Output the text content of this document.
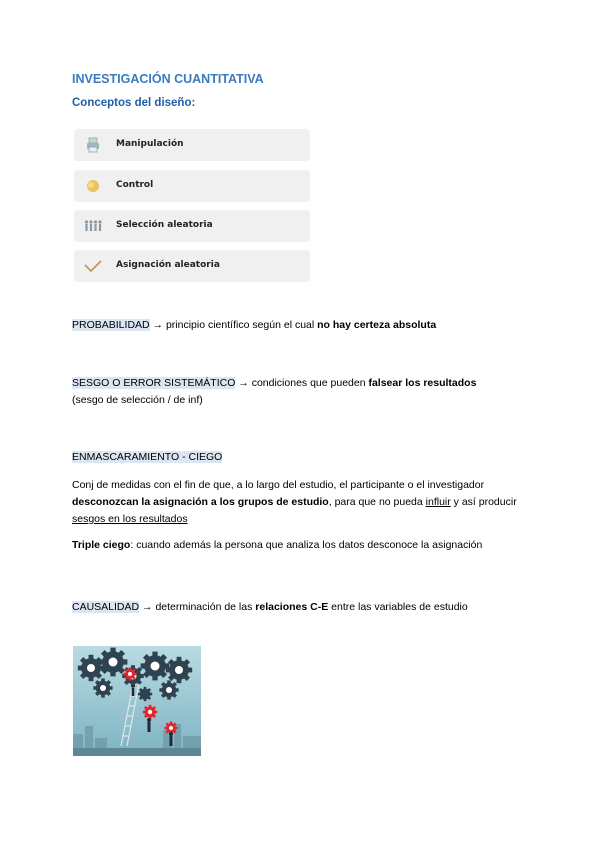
INVESTIGACIÓN CUANTITATIVA
Conceptos del diseño:
Manipulación
Control
Selección aleatoria
Asignación aleatoria
PROBABILIDAD → principio científico según el cual no hay certeza absoluta
SESGO O ERROR SISTEMÁTICO → condiciones que pueden falsear los resultados
(sesgo de selección / de inf)
ENMASCARAMIENTO - CIEGO
Conj de medidas con el fin de que, a lo largo del estudio, el participante o el investigador desconozcan la asignación a los grupos de estudio, para que no pueda influir y así producir sesgos en los resultados
Triple ciego: cuando además la persona que analiza los datos desconoce la asignación
CAUSALIDAD → determinación de las relaciones C-E entre las variables de estudio
